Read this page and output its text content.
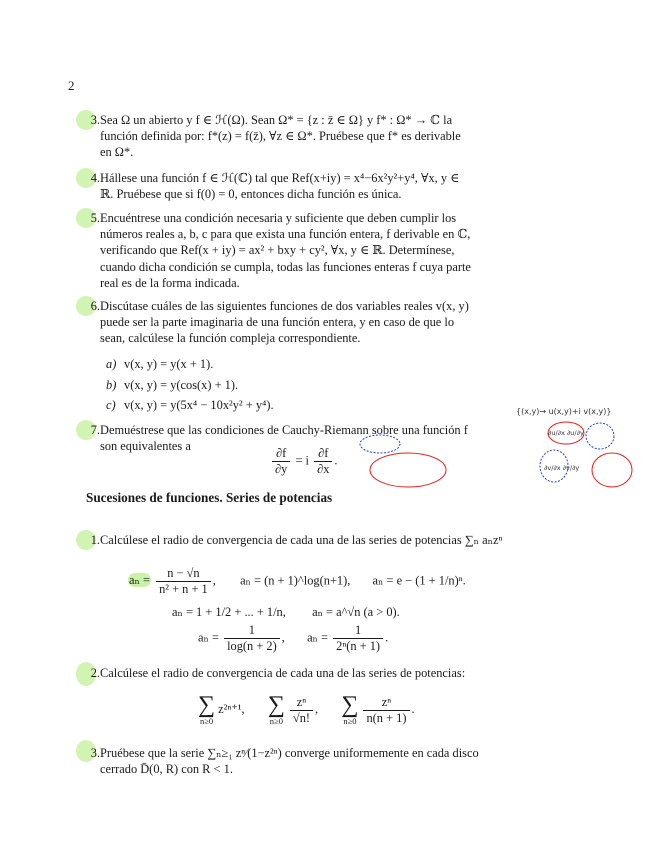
2
3. Sea Ω un abierto y f ∈ ℋ(Ω). Sean Ω* = {z : z̄ ∈ Ω} y f* : Ω* → ℂ la
función definida por: f*(z) = f(z̄), ∀z ∈ Ω*. Pruébese que f* es derivable
en Ω*.
4. Hállese una función f ∈ ℋ(ℂ) tal que Ref(x+iy) = x⁴−6x²y²+y⁴, ∀x, y ∈
ℝ. Pruébese que si f(0) = 0, entonces dicha función es única.
5. Encuéntrese una condición necesaria y suficiente que deben cumplir los
números reales a, b, c para que exista una función entera, f derivable en ℂ,
verificando que Ref(x + iy) = ax² + bxy + cy², ∀x, y ∈ ℝ. Determínese,
cuando dicha condición se cumpla, todas las funciones enteras f cuya parte
real es de la forma indicada.
6. Discútase cuáles de las siguientes funciones de dos variables reales v(x, y)
puede ser la parte imaginaria de una función entera, y en caso de que lo
sean, calcúlese la función compleja correspondiente.
a) v(x, y) = y(x + 1).
b) v(x, y) = y(cos(x) + 1).
c) v(x, y) = y(5x⁴ − 10x²y² + y⁴).
7. Demuéstrese que las condiciones de Cauchy-Riemann sobre una función f
son equivalentes a	$\frac{\partial f}{\partial y} = i \frac{\partial f}{\partial x}$ .
{(x,y)→ u(x,y)+i v(x,y)}
∂u/∂x ∂u/∂y
∂v/∂x ∂v/∂y
Sucesiones de funciones. Series de potencias
1. Calcúlese el radio de convergencia de cada una de las series de potencias ∑ₙ aₙzⁿ
$a_n = \frac{n - √n}{\text{n² + n + 1}}$ , aₙ = (n + 1)^log(n+1), aₙ = e − (1 + 1/n)ⁿ.
aₙ = 1 + 1/2 + ... + 1/n, aₙ = a^√n (a > 0).
$a_n = \frac{1}{\log(n + 2)}$ , $a_n = \frac{1}{\text{2ⁿ(n + 1)}}$ .
2. Calcúlese el radio de convergencia de cada una de las series de potencias:
∑
n≥0
z²ⁿ⁺¹, ∑
$n\ge 0 \frac{\text{zⁿ}}{√n!}$ , ∑
$n\ge 0 \frac{\text{zⁿ}}{n(n + 1)}$ .
3. Pruébese que la serie ∑ₙ≥₁ zⁿ⁄(1−z²ⁿ) converge uniformemente en cada disco
cerrado D̄(0, R) con R < 1.
